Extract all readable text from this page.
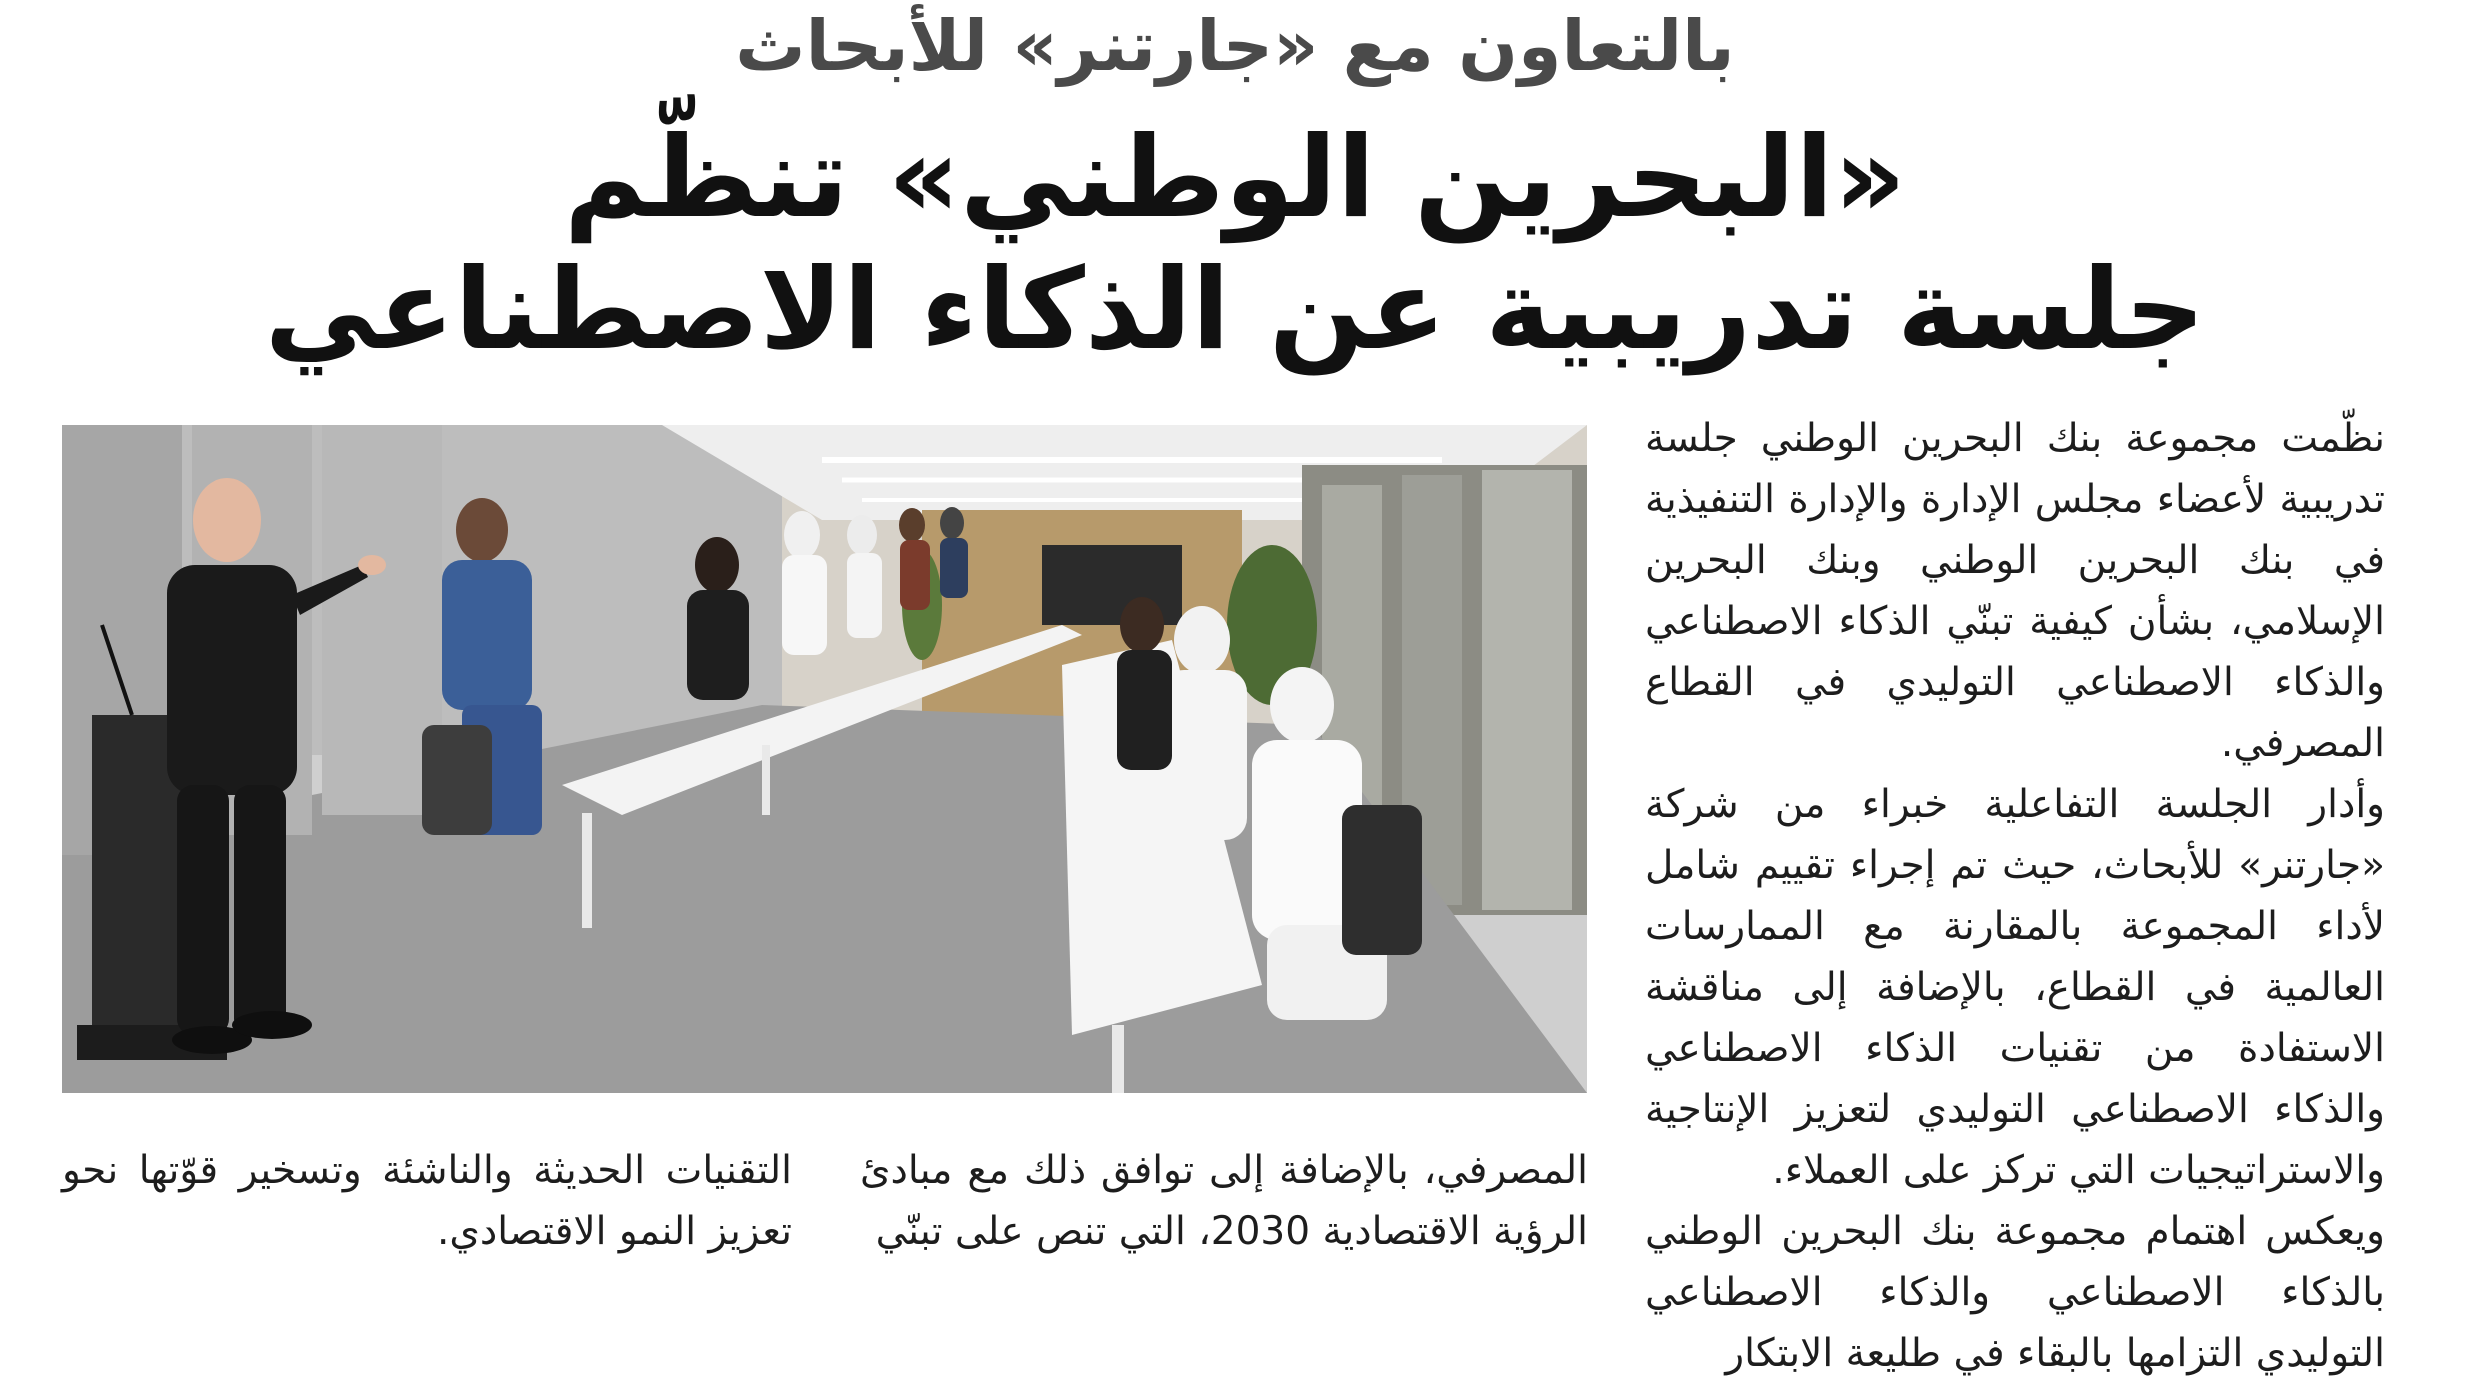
بالتعاون مع «جارتنر» للأبحاث
«البحرين الوطني» تنظّم
جلسة تدريبية عن الذكاء الاصطناعي

نظّمت مجموعة بنك البحرين الوطني جلسة تدريبية لأعضاء مجلس الإدارة والإدارة التنفيذية في بنك البحرين الوطني وبنك البحرين الإسلامي، بشأن كيفية تبنّي الذكاء الاصطناعي والذكاء الاصطناعي التوليدي في القطاع المصرفي.

وأدار الجلسة التفاعلية خبراء من شركة «جارتنر» للأبحاث، حيث تم إجراء تقييم شامل لأداء المجموعة بالمقارنة مع الممارسات العالمية في القطاع، بالإضافة إلى مناقشة الاستفادة من تقنيات الذكاء الاصطناعي والذكاء الاصطناعي التوليدي لتعزيز الإنتاجية والاستراتيجيات التي تركز على العملاء.

ويعكس اهتمام مجموعة بنك البحرين الوطني بالذكاء الاصطناعي والذكاء الاصطناعي التوليدي التزامها بالبقاء في طليعة الابتكار

المصرفي، بالإضافة إلى توافق ذلك مع مبادئ الرؤية الاقتصادية 2030، التي تنص على تبنّي

التقنيات الحديثة والناشئة وتسخير قوّتها نحو تعزيز النمو الاقتصادي.
